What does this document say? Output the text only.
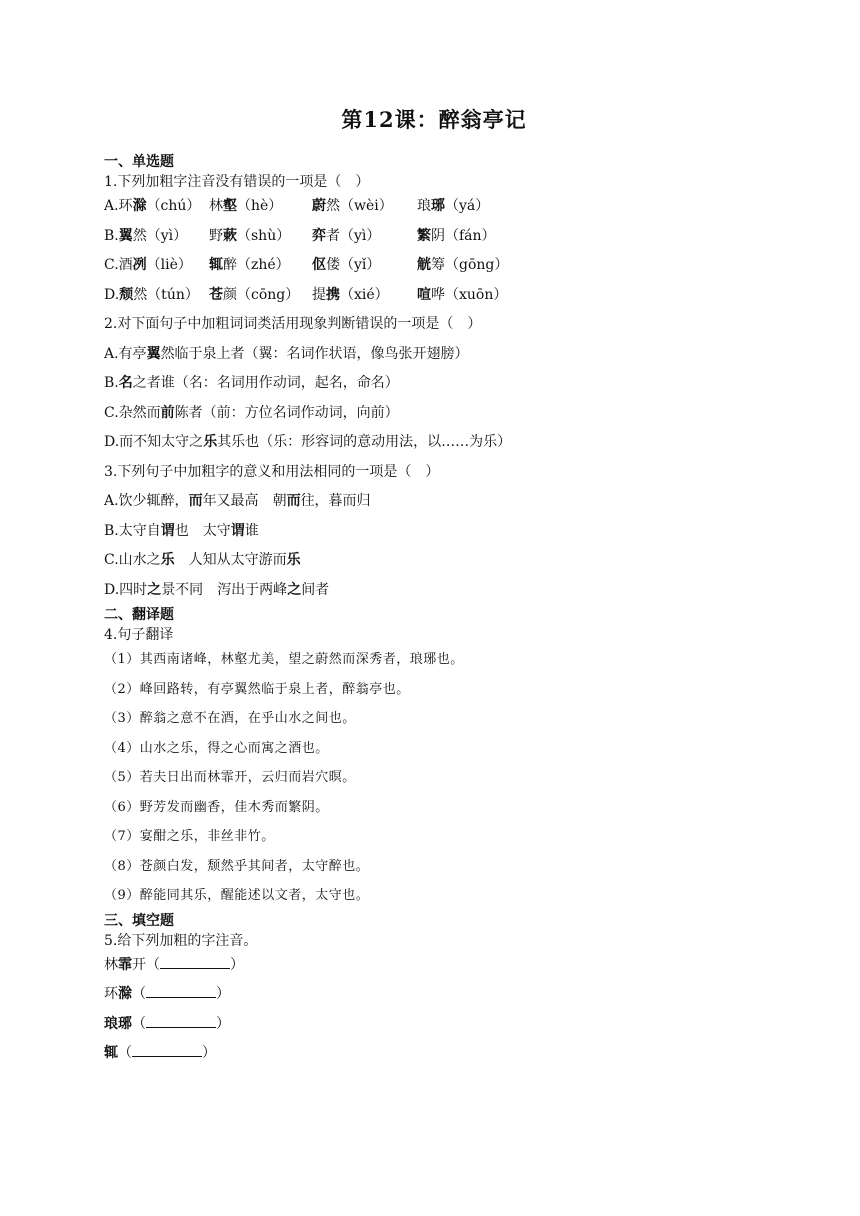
第12课：醉翁亭记
一、单选题
1.下列加粗字注音没有错误的一项是（　）
A.环滁（chú） 林壑（hè） 蔚然（wèi） 琅琊（yá）
B.翼然（yì） 野蔌（shù） 弈者（yì）	繁阴（fán）
C.酒冽（liè） 辄醉（zhé） 伛偻（yǐ）	觥筹（gōng）
D.颓然（tún） 苍颜（cōng） 提携（xié） 喧哗（xuōn）
2.对下面句子中加粗词词类活用现象判断错误的一项是（　）
A.有亭翼然临于泉上者（翼：名词作状语，像鸟张开翅膀）
B.名之者谁（名：名词用作动词，起名，命名）
C.杂然而前陈者（前：方位名词作动词，向前）
D.而不知太守之乐其乐也（乐：形容词的意动用法，以……为乐）
3.下列句子中加粗字的意义和用法相同的一项是（　）
A.饮少辄醉，而年又最高 朝而往，暮而归
B.太守自谓也 太守谓谁
C.山水之乐 人知从太守游而乐
D.四时之景不同 泻出于两峰之间者
二、翻译题
4.句子翻译
（1）其西南诸峰，林壑尤美，望之蔚然而深秀者，琅琊也。
（2）峰回路转，有亭翼然临于泉上者，醉翁亭也。
（3）醉翁之意不在酒，在乎山水之间也。
（4）山水之乐，得之心而寓之酒也。
（5）若夫日出而林霏开，云归而岩穴暝。
（6）野芳发而幽香，佳木秀而繁阴。
（7）宴酣之乐，非丝非竹。
（8）苍颜白发，颓然乎其间者，太守醉也。
（9）醉能同其乐，醒能述以文者，太守也。
三、填空题
5.给下列加粗的字注音。
林霏开（	）
环滁（	）
琅琊（	）
辄（	）
